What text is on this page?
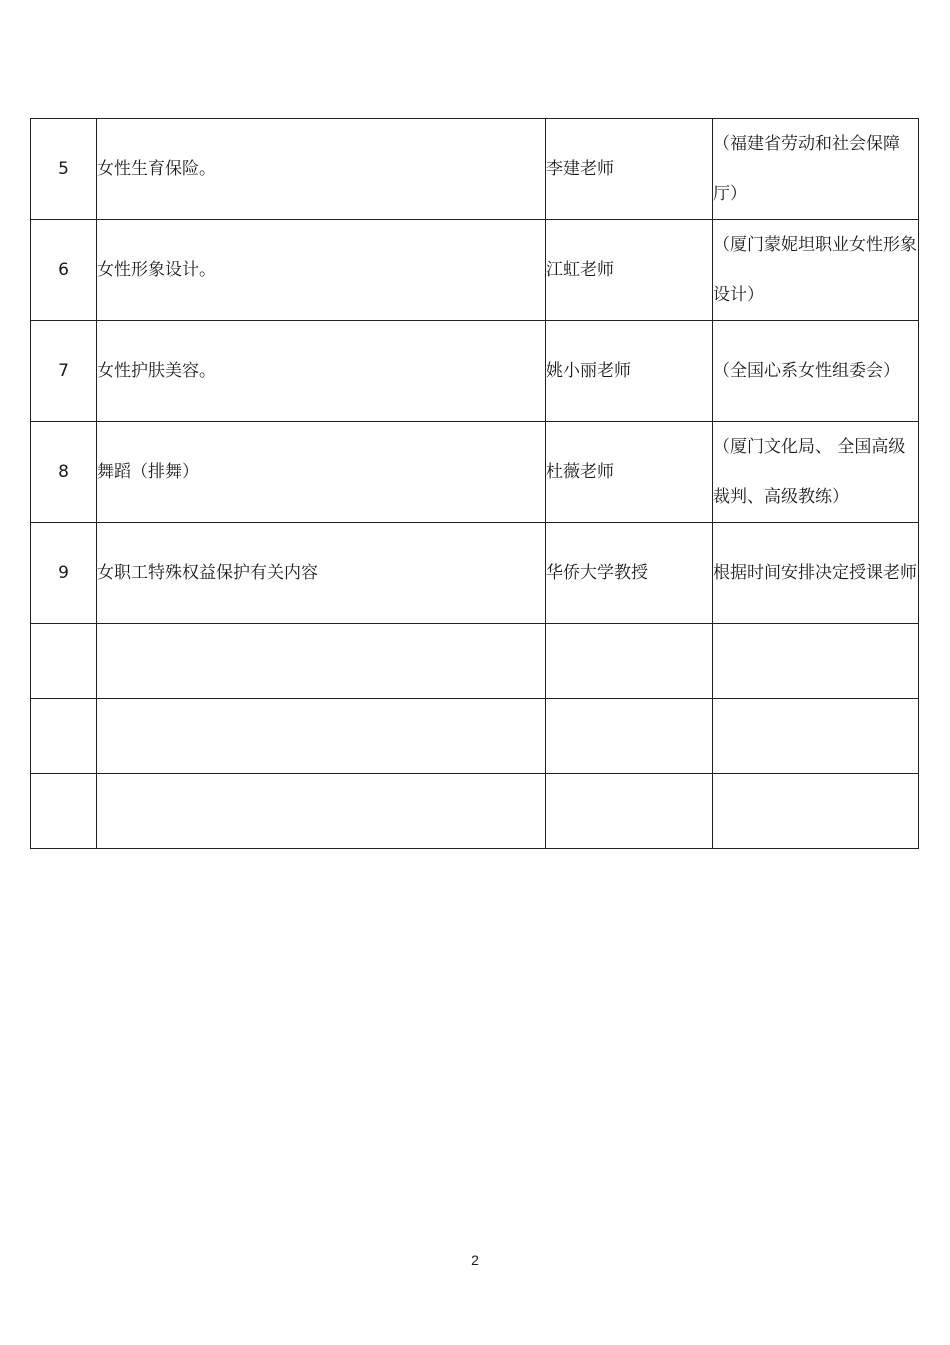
5	女性生育保险。	李建老师	（福建省劳动和社会保障厅）
6	女性形象设计。	江虹老师	（厦门蒙妮坦职业女性形象设计）
7	女性护肤美容。	姚小丽老师	（全国心系女性组委会）
8	舞蹈（排舞）	杜薇老师	（厦门文化局、 全国高级裁判、高级教练）
9	女职工特殊权益保护有关内容	华侨大学教授	根据时间安排决定授课老师

2
